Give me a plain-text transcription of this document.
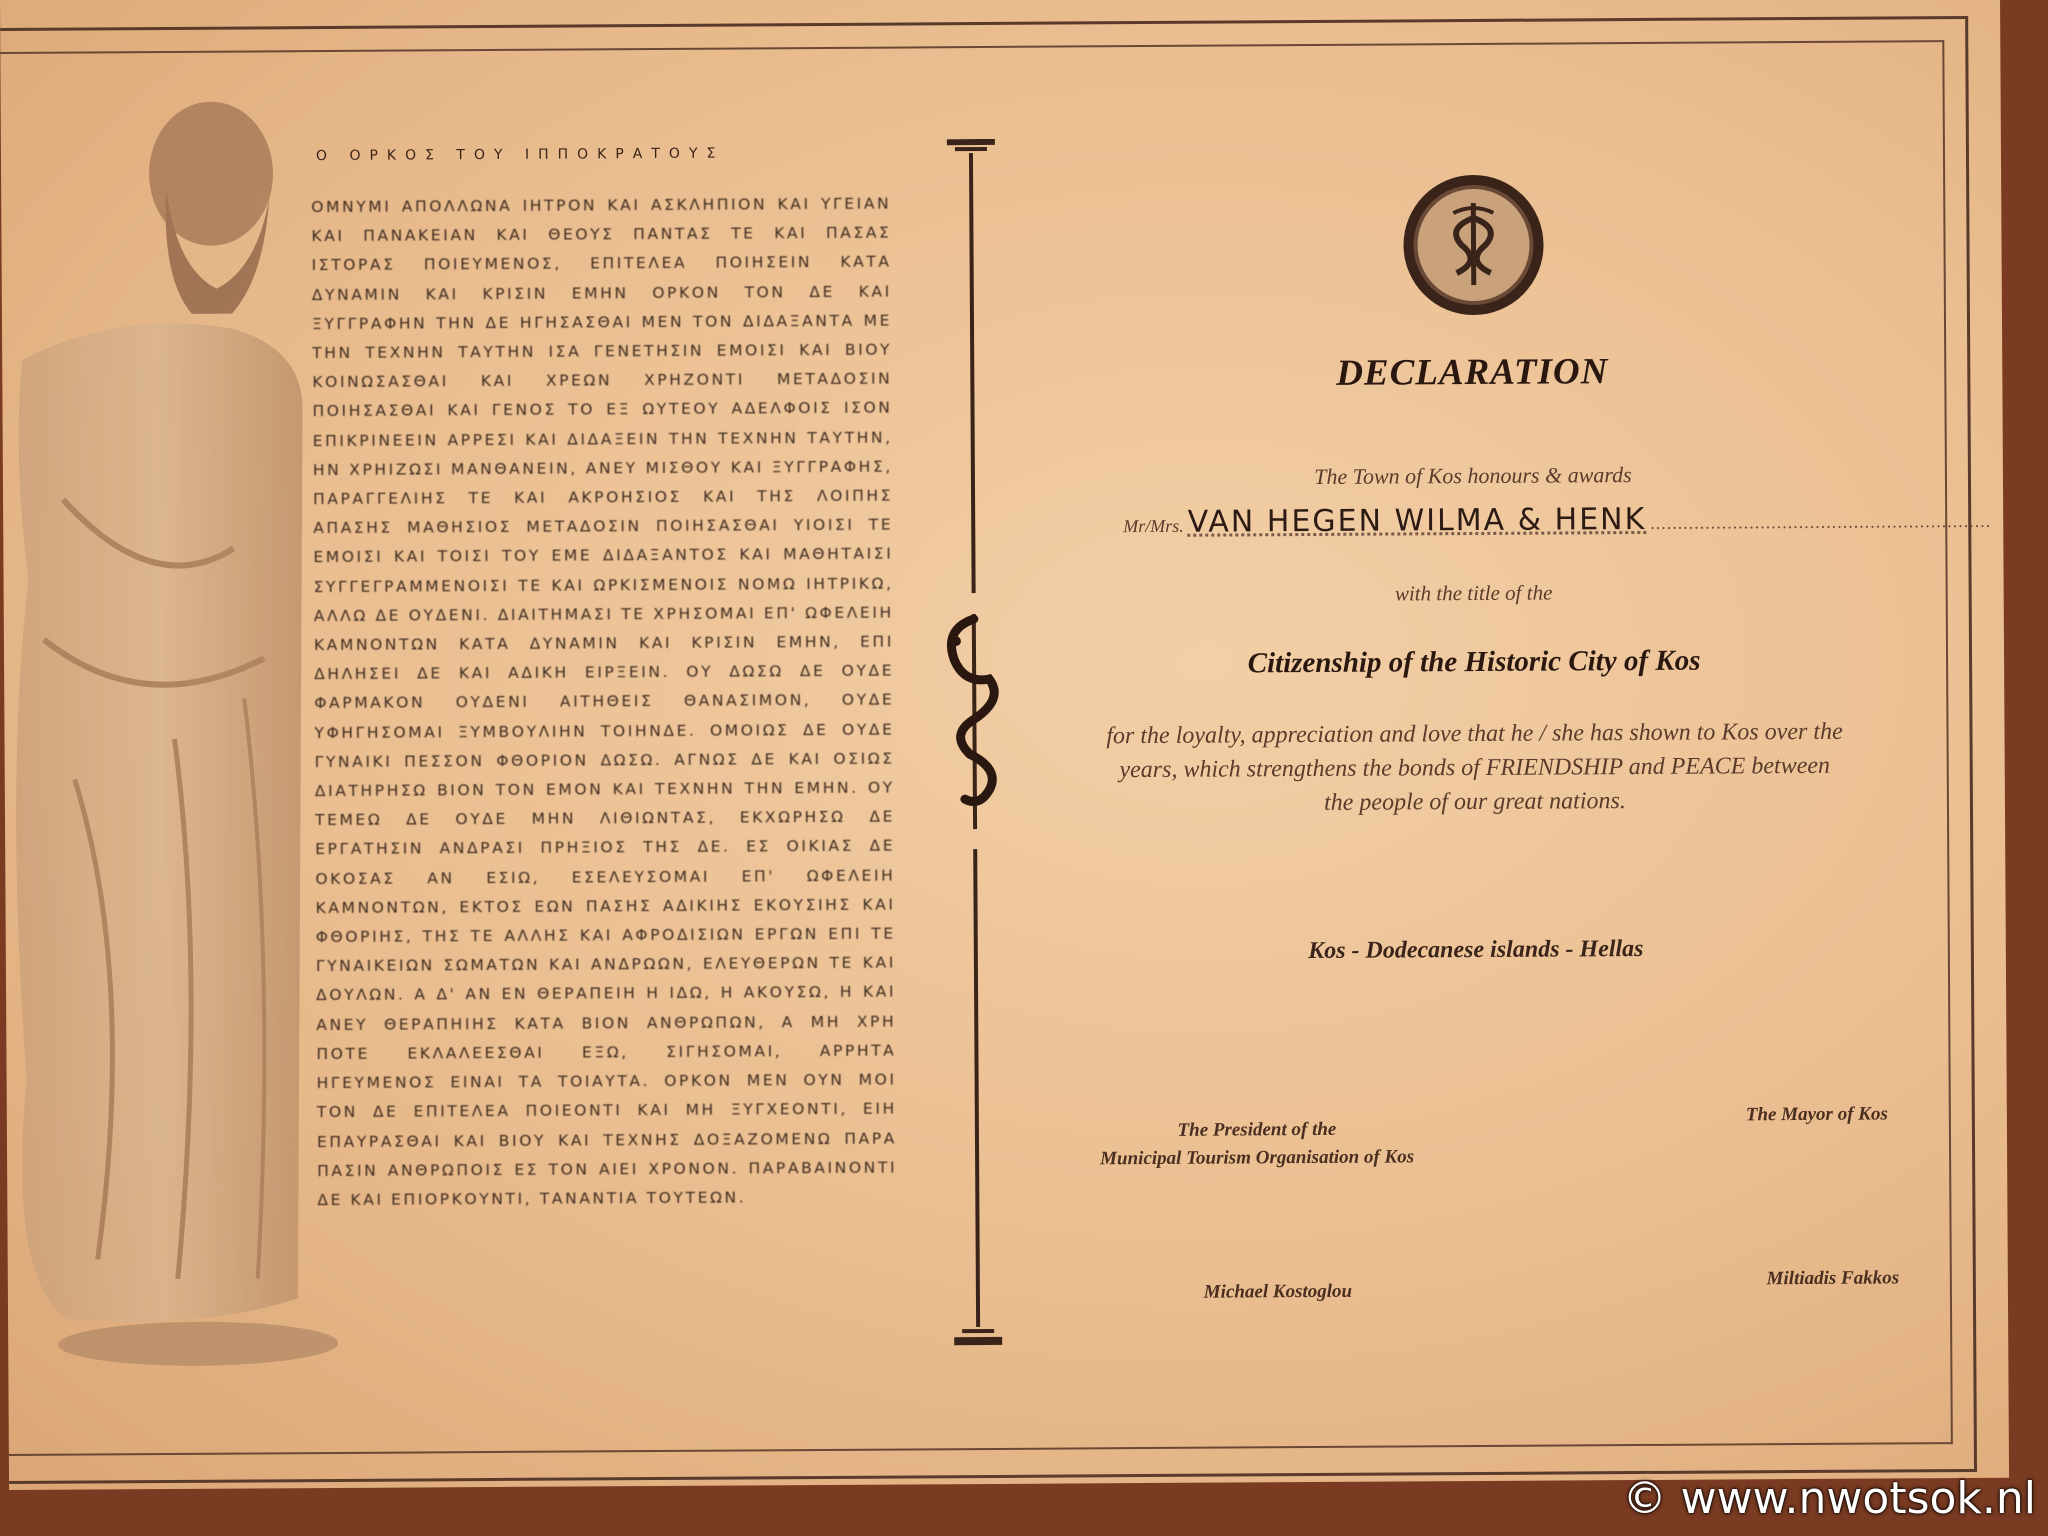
Ο ΟΡΚΟΣ ΤΟΥ ΙΠΠΟΚΡΑΤΟΥΣ
ΟΜΝΥΜΙ ΑΠΟΛΛΩΝΑ ΙΗΤΡΟΝ ΚΑΙ ΑΣΚΛΗΠΙΟΝ ΚΑΙ ΥΓΕΙΑΝ ΚΑΙ ΠΑΝΑΚΕΙΑΝ ΚΑΙ ΘΕΟΥΣ ΠΑΝΤΑΣ ΤΕ ΚΑΙ ΠΑΣΑΣ ΙΣΤΟΡΑΣ ΠΟΙΕΥΜΕΝΟΣ, ΕΠΙΤΕΛΕΑ ΠΟΙΗΣΕΙΝ ΚΑΤΑ ΔΥΝΑΜΙΝ ΚΑΙ ΚΡΙΣΙΝ ΕΜΗΝ ΟΡΚΟΝ ΤΟΝ ΔΕ ΚΑΙ ΞΥΓΓΡΑΦΗΝ ΤΗΝ ΔΕ ΗΓΗΣΑΣΘΑΙ ΜΕΝ ΤΟΝ ΔΙΔΑΞΑΝΤΑ ΜΕ ΤΗΝ ΤΕΧΝΗΝ ΤΑΥΤΗΝ ΙΣΑ ΓΕΝΕΤΗΣΙΝ ΕΜΟΙΣΙ ΚΑΙ ΒΙΟΥ ΚΟΙΝΩΣΑΣΘΑΙ ΚΑΙ ΧΡΕΩΝ ΧΡΗΖΟΝΤΙ ΜΕΤΑΔΟΣΙΝ ΠΟΙΗΣΑΣΘΑΙ ΚΑΙ ΓΕΝΟΣ ΤΟ ΕΞ ΩΥΤΕΟΥ ΑΔΕΛΦΟΙΣ ΙΣΟΝ ΕΠΙΚΡΙΝΕΕΙΝ ΑΡΡΕΣΙ ΚΑΙ ΔΙΔΑΞΕΙΝ ΤΗΝ ΤΕΧΝΗΝ ΤΑΥΤΗΝ, ΗΝ ΧΡΗΙΖΩΣΙ ΜΑΝΘΑΝΕΙΝ, ΑΝΕΥ ΜΙΣΘΟΥ ΚΑΙ ΞΥΓΓΡΑΦΗΣ, ΠΑΡΑΓΓΕΛΙΗΣ ΤΕ ΚΑΙ ΑΚΡΟΗΣΙΟΣ ΚΑΙ ΤΗΣ ΛΟΙΠΗΣ ΑΠΑΣΗΣ ΜΑΘΗΣΙΟΣ ΜΕΤΑΔΟΣΙΝ ΠΟΙΗΣΑΣΘΑΙ ΥΙΟΙΣΙ ΤΕ ΕΜΟΙΣΙ ΚΑΙ ΤΟΙΣΙ ΤΟΥ ΕΜΕ ΔΙΔΑΞΑΝΤΟΣ ΚΑΙ ΜΑΘΗΤΑΙΣΙ ΣΥΓΓΕΓΡΑΜΜΕΝΟΙΣΙ ΤΕ ΚΑΙ ΩΡΚΙΣΜΕΝΟΙΣ ΝΟΜΩ ΙΗΤΡΙΚΩ, ΑΛΛΩ ΔΕ ΟΥΔΕΝΙ. ΔΙΑΙΤΗΜΑΣΙ ΤΕ ΧΡΗΣΟΜΑΙ ΕΠ' ΩΦΕΛΕΙΗ ΚΑΜΝΟΝΤΩΝ ΚΑΤΑ ΔΥΝΑΜΙΝ ΚΑΙ ΚΡΙΣΙΝ ΕΜΗΝ, ΕΠΙ ΔΗΛΗΣΕΙ ΔΕ ΚΑΙ ΑΔΙΚΗ ΕΙΡΞΕΙΝ. ΟΥ ΔΩΣΩ ΔΕ ΟΥΔΕ ΦΑΡΜΑΚΟΝ ΟΥΔΕΝΙ ΑΙΤΗΘΕΙΣ ΘΑΝΑΣΙΜΟΝ, ΟΥΔΕ ΥΦΗΓΗΣΟΜΑΙ ΞΥΜΒΟΥΛΙΗΝ ΤΟΙΗΝΔΕ. ΟΜΟΙΩΣ ΔΕ ΟΥΔΕ ΓΥΝΑΙΚΙ ΠΕΣΣΟΝ ΦΘΟΡΙΟΝ ΔΩΣΩ. ΑΓΝΩΣ ΔΕ ΚΑΙ ΟΣΙΩΣ ΔΙΑΤΗΡΗΣΩ ΒΙΟΝ ΤΟΝ ΕΜΟΝ ΚΑΙ ΤΕΧΝΗΝ ΤΗΝ ΕΜΗΝ. ΟΥ ΤΕΜΕΩ ΔΕ ΟΥΔΕ ΜΗΝ ΛΙΘΙΩΝΤΑΣ, ΕΚΧΩΡΗΣΩ ΔΕ ΕΡΓΑΤΗΣΙΝ ΑΝΔΡΑΣΙ ΠΡΗΞΙΟΣ ΤΗΣ ΔΕ. ΕΣ ΟΙΚΙΑΣ ΔΕ ΟΚΟΣΑΣ ΑΝ ΕΣΙΩ, ΕΣΕΛΕΥΣΟΜΑΙ ΕΠ' ΩΦΕΛΕΙΗ ΚΑΜΝΟΝΤΩΝ, ΕΚΤΟΣ ΕΩΝ ΠΑΣΗΣ ΑΔΙΚΙΗΣ ΕΚΟΥΣΙΗΣ ΚΑΙ ΦΘΟΡΙΗΣ, ΤΗΣ ΤΕ ΑΛΛΗΣ ΚΑΙ ΑΦΡΟΔΙΣΙΩΝ ΕΡΓΩΝ ΕΠΙ ΤΕ ΓΥΝΑΙΚΕΙΩΝ ΣΩΜΑΤΩΝ ΚΑΙ ΑΝΔΡΩΩΝ, ΕΛΕΥΘΕΡΩΝ ΤΕ ΚΑΙ ΔΟΥΛΩΝ. Α Δ' ΑΝ ΕΝ ΘΕΡΑΠΕΙΗ Η ΙΔΩ, Η ΑΚΟΥΣΩ, Η ΚΑΙ ΑΝΕΥ ΘΕΡΑΠΗΙΗΣ ΚΑΤΑ ΒΙΟΝ ΑΝΘΡΩΠΩΝ, Α ΜΗ ΧΡΗ ΠΟΤΕ ΕΚΛΑΛΕΕΣΘΑΙ ΕΞΩ, ΣΙΓΗΣΟΜΑΙ, ΑΡΡΗΤΑ ΗΓΕΥΜΕΝΟΣ ΕΙΝΑΙ ΤΑ ΤΟΙΑΥΤΑ. ΟΡΚΟΝ ΜΕΝ ΟΥΝ ΜΟΙ ΤΟΝ ΔΕ ΕΠΙΤΕΛΕΑ ΠΟΙΕΟΝΤΙ ΚΑΙ ΜΗ ΞΥΓΧΕΟΝΤΙ, ΕΙΗ ΕΠΑΥΡΑΣΘΑΙ ΚΑΙ ΒΙΟΥ ΚΑΙ ΤΕΧΝΗΣ ΔΟΞΑΖΟΜΕΝΩ ΠΑΡΑ ΠΑΣΙΝ ΑΝΘΡΩΠΟΙΣ ΕΣ ΤΟΝ ΑΙΕΙ ΧΡΟΝΟΝ. ΠΑΡΑΒΑΙΝΟΝΤΙ ΔΕ ΚΑΙ ΕΠΙΟΡΚΟΥΝΤΙ, ΤΑΝΑΝΤΙΑ ΤΟΥΤΕΩΝ.
DECLARATION
The Town of Kos honours & awards
Mr/Mrs. VAN HEGEN WILMA & HENK ..............................................................
with the title of the
Citizenship of the Historic City of Kos
for the loyalty, appreciation and love that he / she has shown to Kos over the years, which strengthens the bonds of FRIENDSHIP and PEACE between the people of our great nations.
Kos - Dodecanese islands - Hellas
The President of the
Municipal Tourism Organisation of Kos
The Mayor of Kos
Michael Kostoglou
Miltiadis Fakkos
© www.nwotsok.nl
